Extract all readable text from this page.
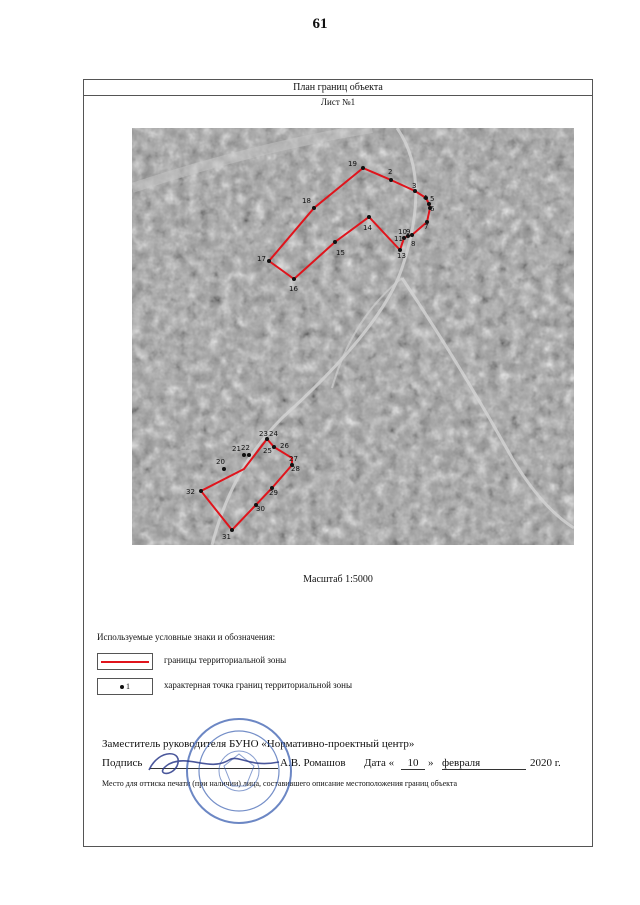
61
План границ объекта
Лист №1
19
2
3
4 5
6
7
8
9
10
11
13
14
15
16
17
18
20
21 22
23 24
25
26
27
28
29
30
31
32
Масштаб 1:5000
Используемые условные знаки и обозначения:
границы территориальной зоны
1	характерная точка границ территориальной зоны
Заместитель руководителя БУНО «Нормативно-проектный центр»
Подпись	А.В. Ромашов Дата «	10 » февраля	2020 г.
Место для оттиска печати (при наличии) лица, составившего описание местоположения границ объекта
